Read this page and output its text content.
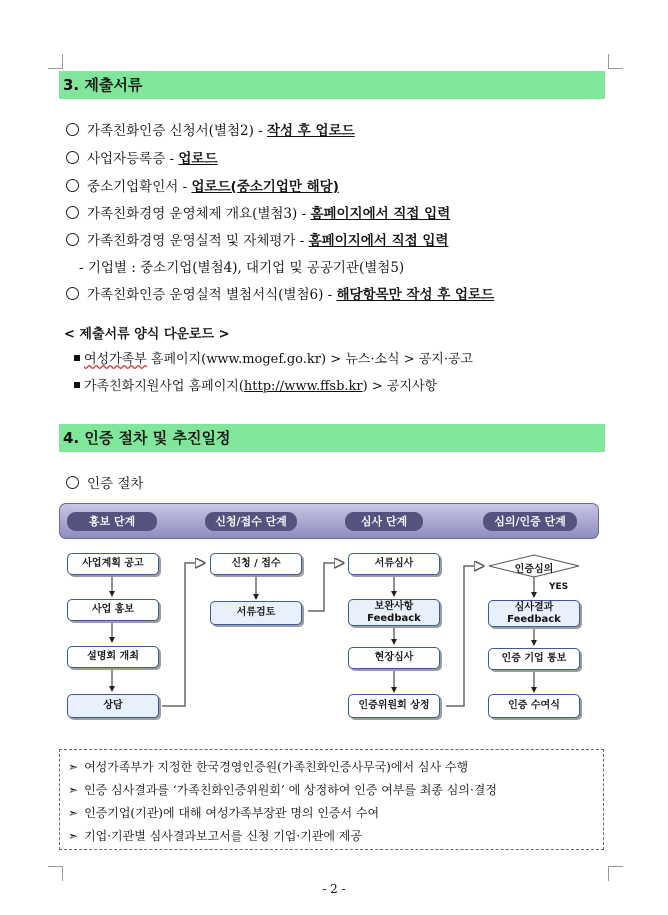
3. 제출서류
가족친화인증 신청서(별첨2) - 작성 후 업로드
사업자등록증 - 업로드
중소기업확인서 - 업로드(중소기업만 해당)
가족친화경영 운영체제 개요(별첨3) - 홈페이지에서 직접 입력
가족친화경영 운영실적 및 자체평가 - 홈페이지에서 직접 입력
- 기업별 : 중소기업(별첨4), 대기업 및 공공기관(별첨5)
가족친화인증 운영실적 별첨서식(별첨6) - 해당항목만 작성 후 업로드
< 제출서류 양식 다운로드 >
여성가족부 홈페이지(www.mogef.go.kr) > 뉴스·소식 > 공지·공고
가족친화지원사업 홈페이지(http://www.ffsb.kr) > 공지사항
4. 인증 절차 및 추진일정
인증 절차
홍보 단계	신청/접수 단계	심사 단계	심의/인증 단계
사업계획 공고
사업 홍보
설명회 개최
상담
신청 / 접수
서류검토
서류심사
보완사항
Feedback
현장심사
인증위원회 상정
인증심의
YES
심사결과
Feedback
인증 기업 통보
인증 수여식
➣ 여성가족부가 지정한 한국경영인증원(가족친화인증사무국)에서 심사 수행
➣ 인증 심사결과를 ‘가족친화인증위원회’ 에 상정하여 인증 여부를 최종 심의·결정
➣ 인증기업(기관)에 대해 여성가족부장관 명의 인증서 수여
➣ 기업·기관별 심사결과보고서를 신청 기업·기관에 제공
- 2 -
